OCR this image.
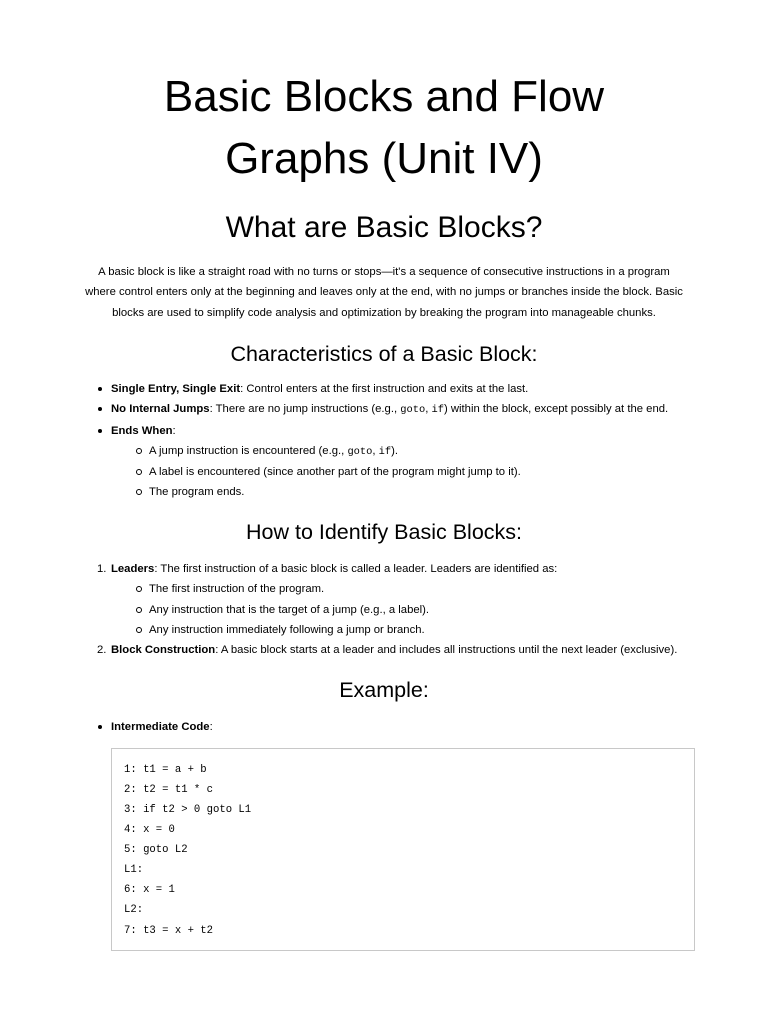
Basic Blocks and Flow
Graphs (Unit IV)
What are Basic Blocks?

A basic block is like a straight road with no turns or stops—it's a sequence of consecutive instructions in a program
where control enters only at the beginning and leaves only at the end, with no jumps or branches inside the block. Basic
blocks are used to simplify code analysis and optimization by breaking the program into manageable chunks.

Characteristics of a Basic Block:
Single Entry, Single Exit: Control enters at the first instruction and exits at the last.
No Internal Jumps: There are no jump instructions (e.g., goto, if) within the block, except possibly at the end.
Ends When:
A jump instruction is encountered (e.g., goto, if).
A label is encountered (since another part of the program might jump to it).
The program ends.
How to Identify Basic Blocks:
1. Leaders: The first instruction of a basic block is called a leader. Leaders are identified as:
The first instruction of the program.
Any instruction that is the target of a jump (e.g., a label).
Any instruction immediately following a jump or branch.
2. Block Construction: A basic block starts at a leader and includes all instructions until the next leader (exclusive).
Example:
Intermediate Code:
1: t1 = a + b
2: t2 = t1 * c
3: if t2 > 0 goto L1
4: x = 0
5: goto L2
L1:
6: x = 1
L2:
7: t3 = x + t2
